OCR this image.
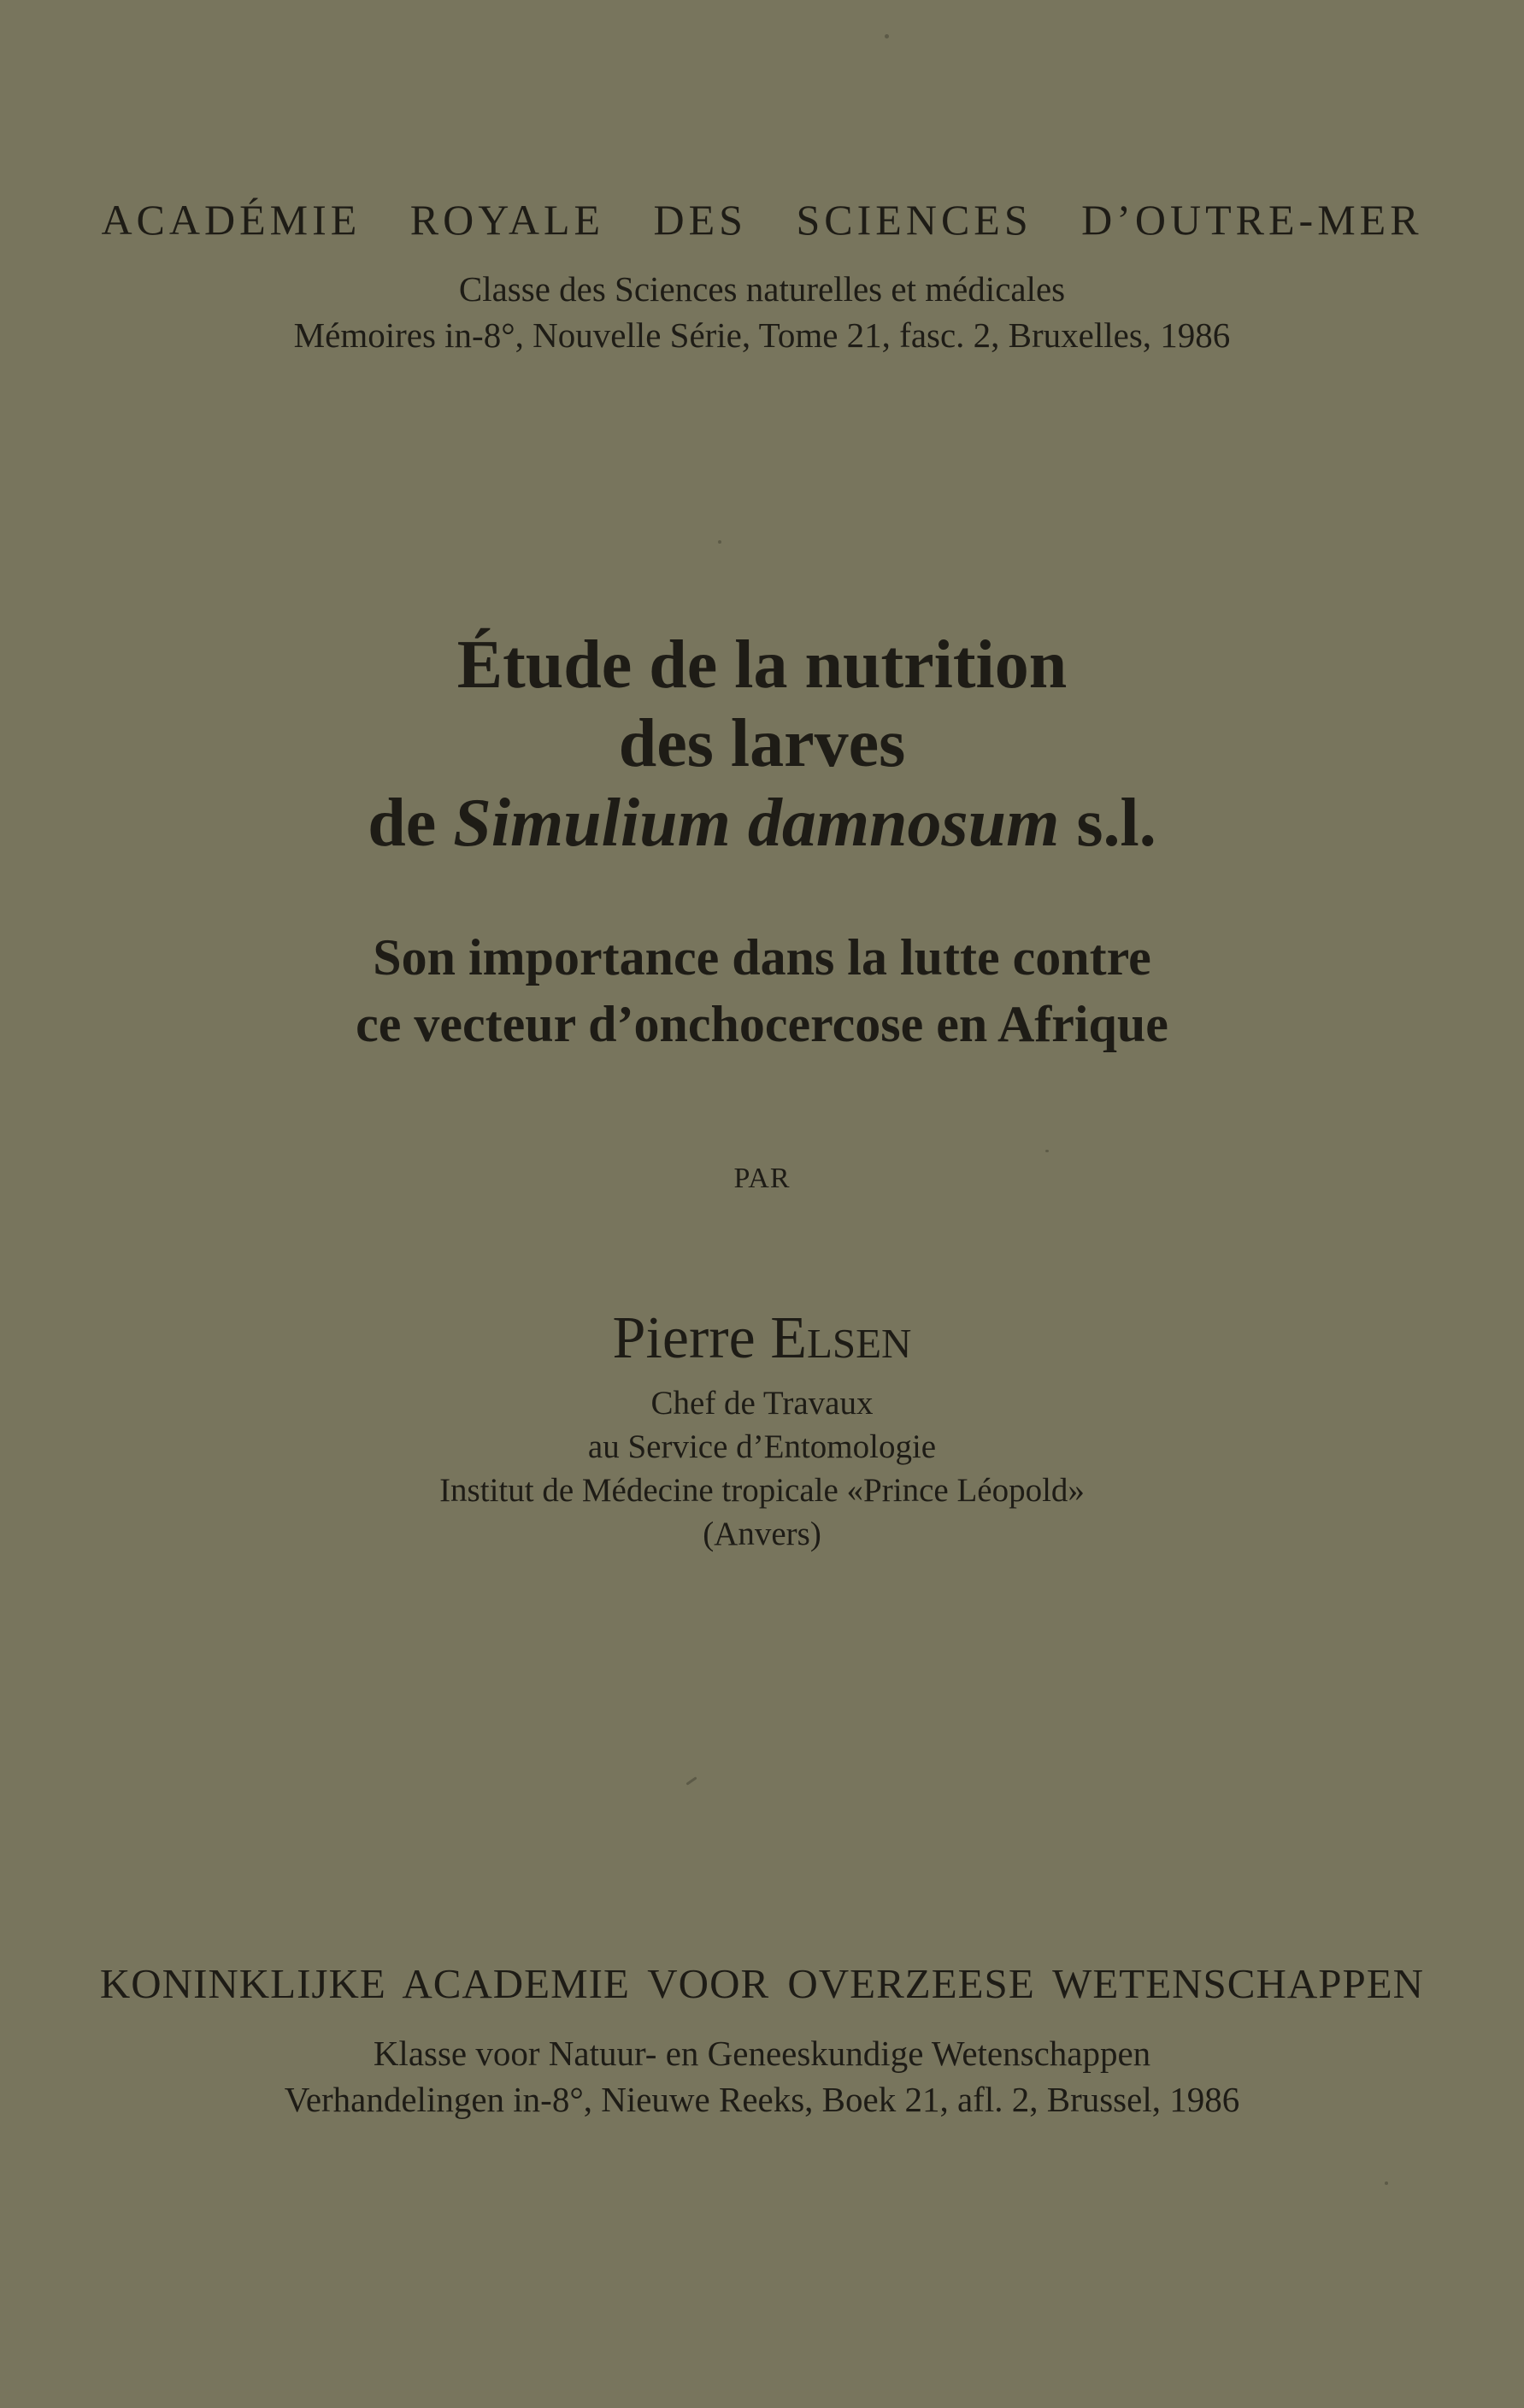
ACADÉMIE ROYALE DES SCIENCES D’OUTRE-MER
Classe des Sciences naturelles et médicales
Mémoires in-8°, Nouvelle Série, Tome 21, fasc. 2, Bruxelles, 1986
Étude de la nutrition
des larves
de Simulium damnosum s.l.
Son importance dans la lutte contre
ce vecteur d’onchocercose en Afrique
PAR
Pierre Elsen
Chef de Travaux
au Service d’Entomologie
Institut de Médecine tropicale «Prince Léopold»
(Anvers)
KONINKLIJKE ACADEMIE VOOR OVERZEESE WETENSCHAPPEN
Klasse voor Natuur- en Geneeskundige Wetenschappen
Verhandelingen in-8°, Nieuwe Reeks, Boek 21, afl. 2, Brussel, 1986
